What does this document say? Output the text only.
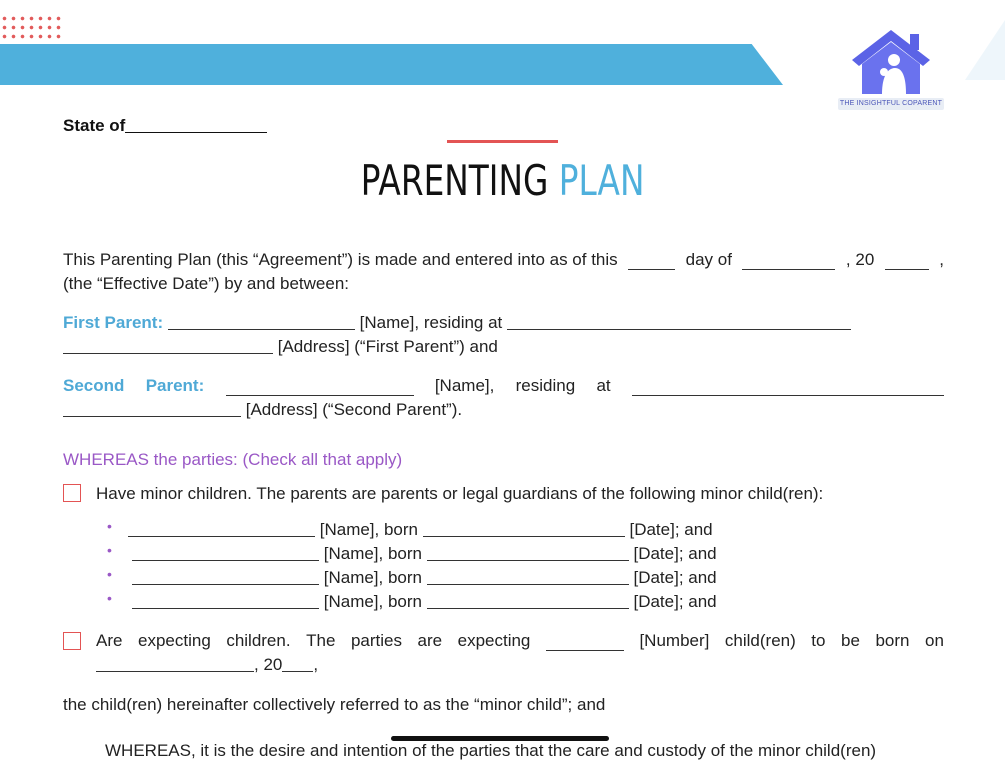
THE INSIGHTFUL COPARENT
State of
PARENTING PLAN
This Parenting Plan (this “Agreement”) is made and entered into as of this	day of	, 20	,
(the “Effective Date”) by and between:
First Parent:	[Name], residing at
[Address] (“First Parent”) and
Second Parent:	[Name], residing at
[Address] (“Second Parent”).
WHEREAS the parties: (Check all that apply)
Have minor children. The parents are parents or legal guardians of the following minor child(ren):
•	[Name], born	[Date]; and
•	[Name], born	[Date]; and
•	[Name], born	[Date]; and
•	[Name], born	[Date]; and
Are expecting children. The parties are expecting	[Number] child(ren) to be born on
, 20 ,
the child(ren) hereinafter collectively referred to as the “minor child”; and
WHEREAS, it is the desire and intention of the parties that the care and custody of the minor child(ren)
